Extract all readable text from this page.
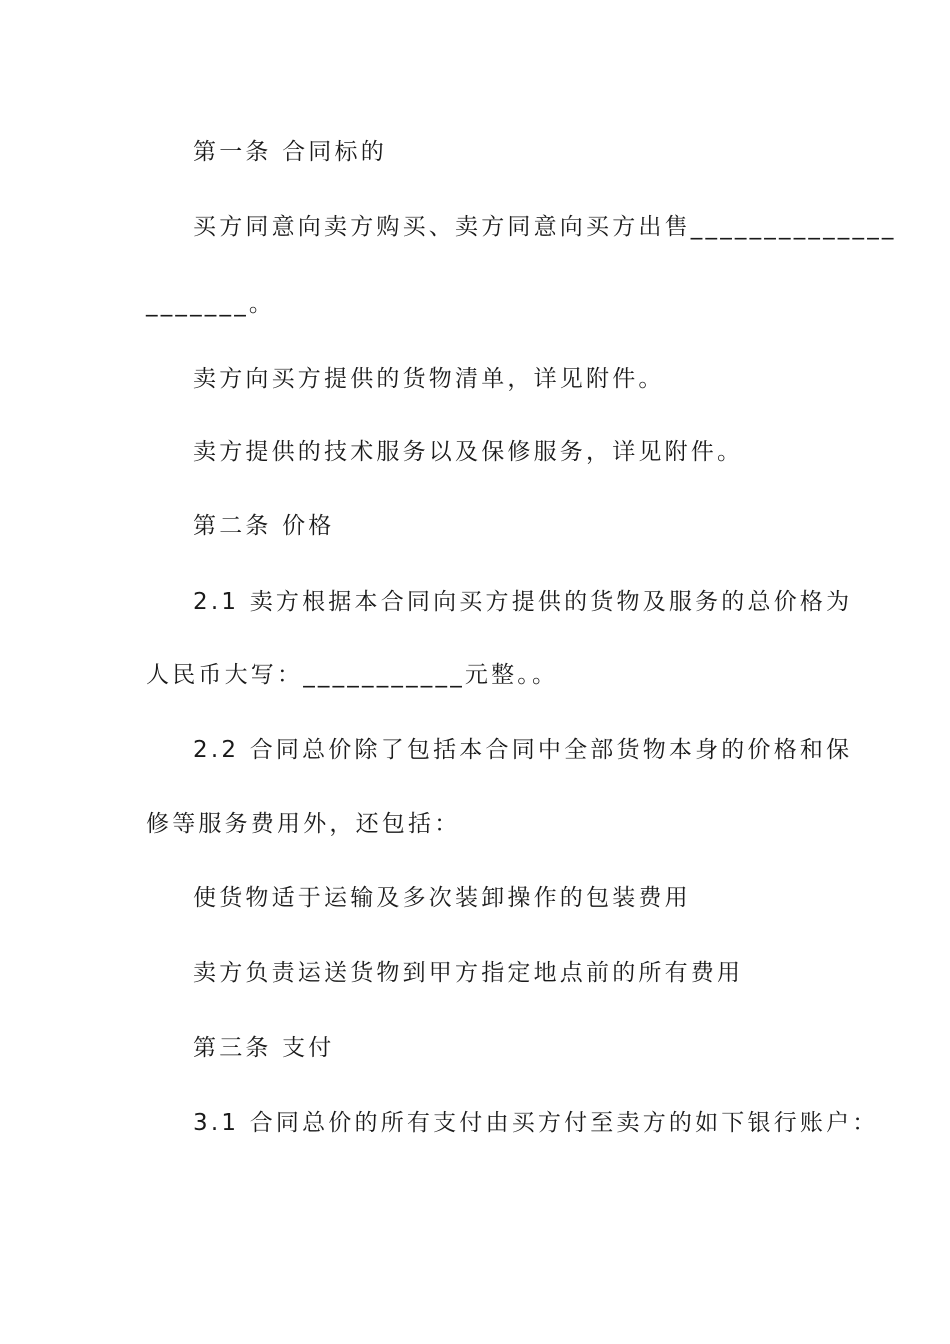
第一条 合同标的
买方同意向卖方购买、卖方同意向买方出售______________
_______。
卖方向买方提供的货物清单，详见附件。
卖方提供的技术服务以及保修服务，详见附件。
第二条 价格
2.1 卖方根据本合同向买方提供的货物及服务的总价格为
人民币大写：___________元整。。
2.2 合同总价除了包括本合同中全部货物本身的价格和保
修等服务费用外，还包括：
使货物适于运输及多次装卸操作的包装费用
卖方负责运送货物到甲方指定地点前的所有费用
第三条 支付
3.1 合同总价的所有支付由买方付至卖方的如下银行账户：
